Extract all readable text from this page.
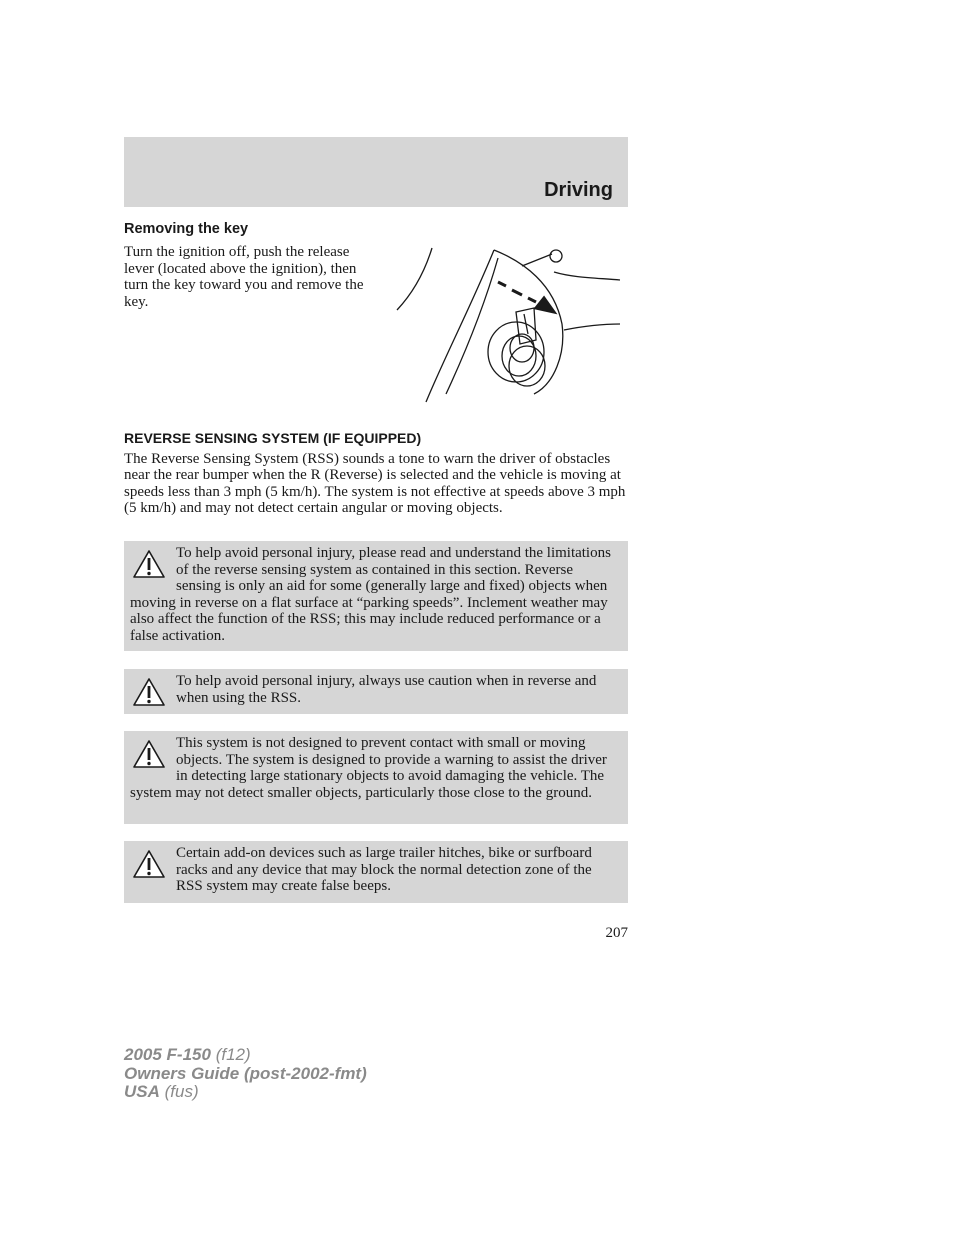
Driving
Removing the key
Turn the ignition off, push the release lever (located above the ignition), then turn the key toward you and remove the key.
REVERSE SENSING SYSTEM (IF EQUIPPED)
The Reverse Sensing System (RSS) sounds a tone to warn the driver of obstacles near the rear bumper when the R (Reverse) is selected and the vehicle is moving at speeds less than 3 mph (5 km/h). The system is not effective at speeds above 3 mph (5 km/h) and may not detect certain angular or moving objects.
To help avoid personal injury, please read and understand the limitations of the reverse sensing system as contained in this section. Reverse sensing is only an aid for some (generally large and fixed) objects when moving in reverse on a flat surface at “parking speeds”. Inclement weather may also affect the function of the RSS; this may include reduced performance or a false activation.
To help avoid personal injury, always use caution when in reverse and when using the RSS.
This system is not designed to prevent contact with small or moving objects. The system is designed to provide a warning to assist the driver in detecting large stationary objects to avoid damaging the vehicle. The system may not detect smaller objects, particularly those close to the ground.
Certain add-on devices such as large trailer hitches, bike or surfboard racks and any device that may block the normal detection zone of the RSS system may create false beeps.
207
2005 F-150 (f12)
Owners Guide (post-2002-fmt)
USA (fus)
